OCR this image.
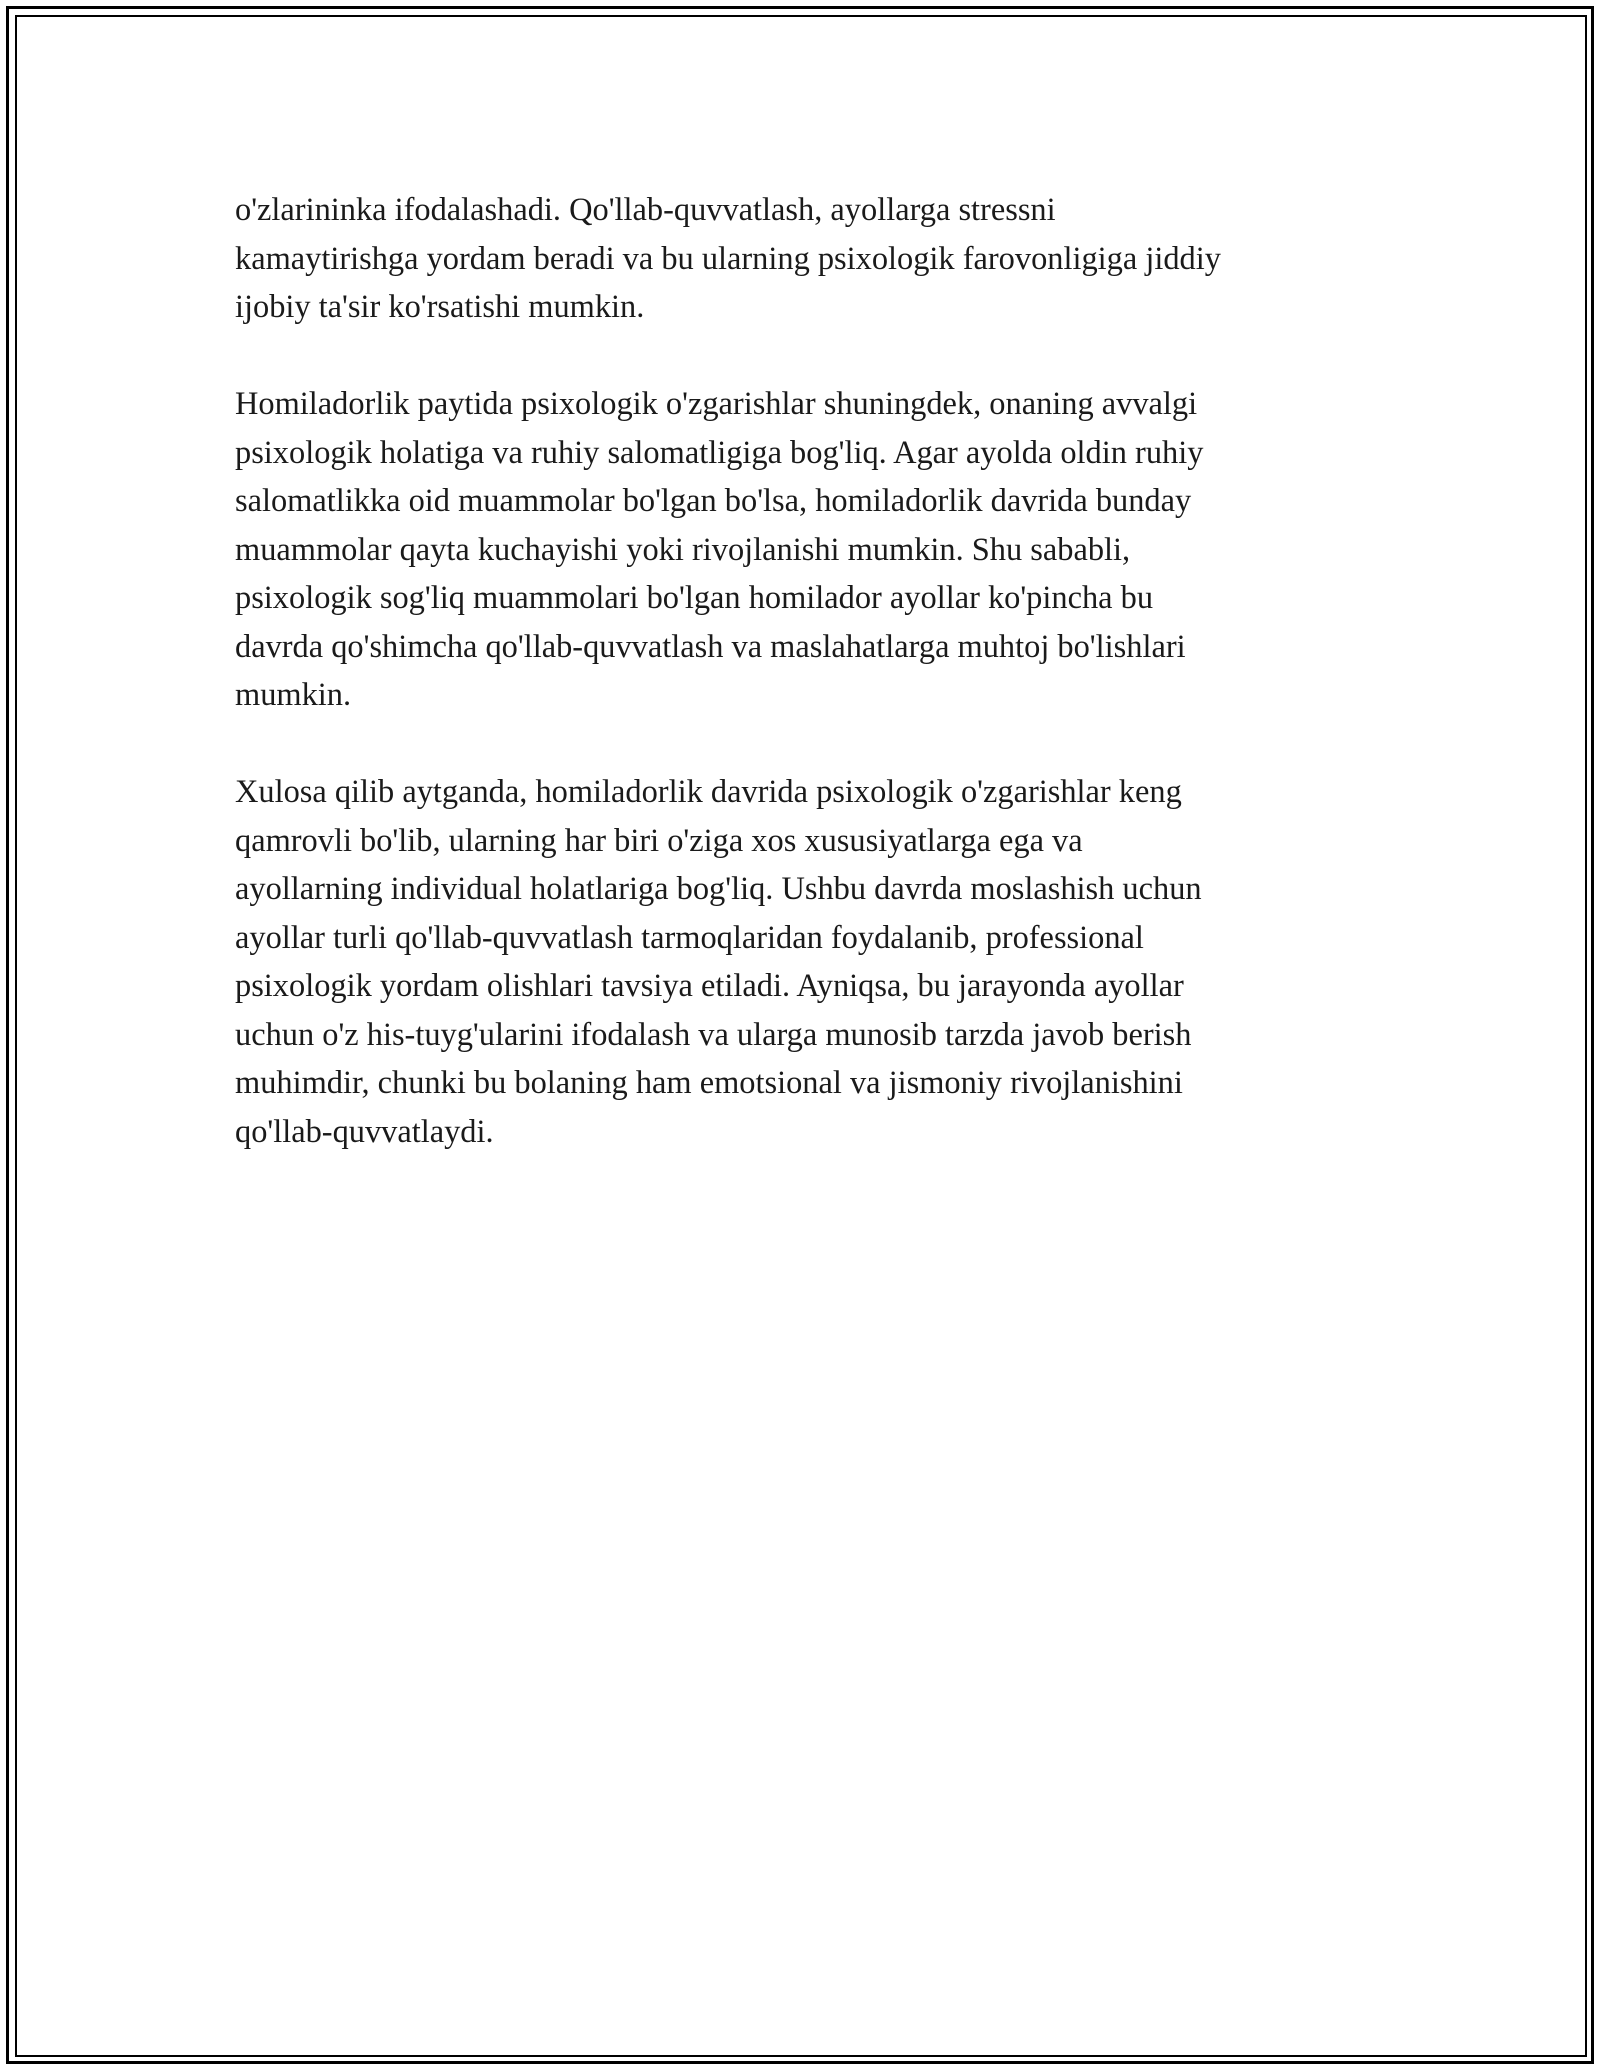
o'zlarininka ifodalashadi. Qo'llab-quvvatlash, ayollarga stressni
kamaytirishga yordam beradi va bu ularning psixologik farovonligiga jiddiy
ijobiy ta'sir ko'rsatishi mumkin.

Homiladorlik paytida psixologik o'zgarishlar shuningdek, onaning avvalgi
psixologik holatiga va ruhiy salomatligiga bog'liq. Agar ayolda oldin ruhiy
salomatlikka oid muammolar bo'lgan bo'lsa, homiladorlik davrida bunday
muammolar qayta kuchayishi yoki rivojlanishi mumkin. Shu sababli,
psixologik sog'liq muammolari bo'lgan homilador ayollar ko'pincha bu
davrda qo'shimcha qo'llab-quvvatlash va maslahatlarga muhtoj bo'lishlari
mumkin.

Xulosa qilib aytganda, homiladorlik davrida psixologik o'zgarishlar keng
qamrovli bo'lib, ularning har biri o'ziga xos xususiyatlarga ega va
ayollarning individual holatlariga bog'liq. Ushbu davrda moslashish uchun
ayollar turli qo'llab-quvvatlash tarmoqlaridan foydalanib, professional
psixologik yordam olishlari tavsiya etiladi. Ayniqsa, bu jarayonda ayollar
uchun o'z his-tuyg'ularini ifodalash va ularga munosib tarzda javob berish
muhimdir, chunki bu bolaning ham emotsional va jismoniy rivojlanishini
qo'llab-quvvatlaydi.
